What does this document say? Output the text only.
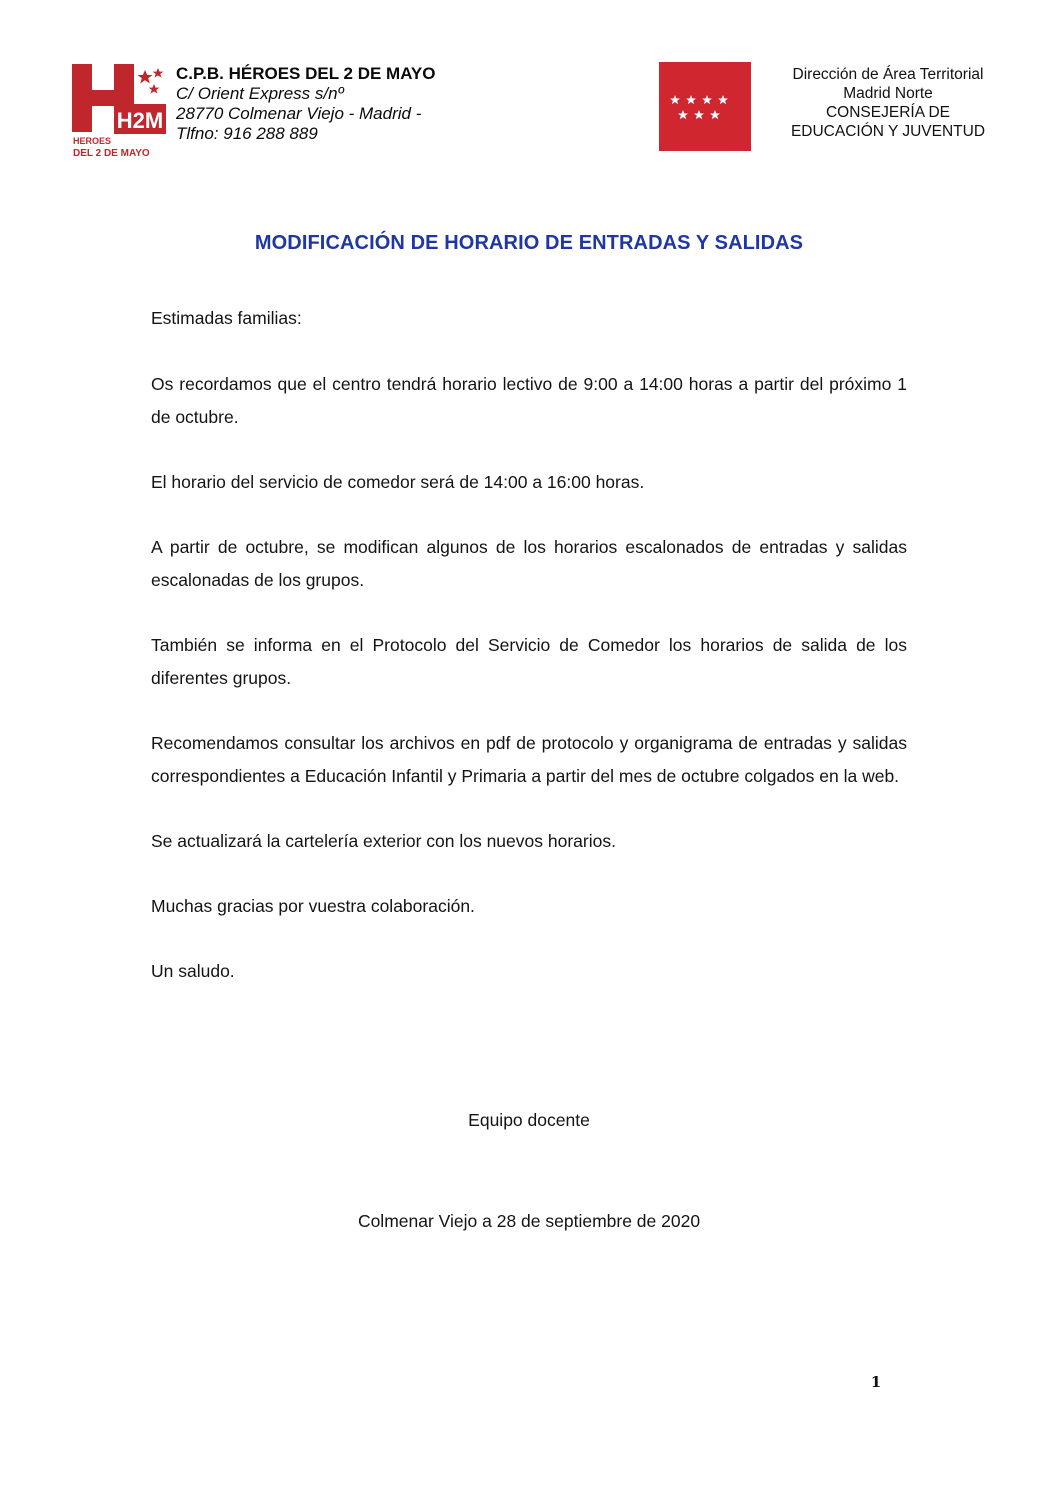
H2M
HEROES
DEL 2 DE MAYO
C.P.B. HÉROES DEL 2 DE MAYO
C/ Orient Express s/nº
28770 Colmenar Viejo - Madrid -
Tlfno: 916 288 889
Dirección de Área Territorial
Madrid Norte
CONSEJERÍA DE
EDUCACIÓN Y JUVENTUD
MODIFICACIÓN DE HORARIO DE ENTRADAS Y SALIDAS

Estimadas familias:

Os recordamos que el centro tendrá horario lectivo de 9:00 a 14:00 horas a partir del próximo 1 de octubre.

El horario del servicio de comedor será de 14:00 a 16:00 horas.

A partir de octubre, se modifican algunos de los horarios escalonados de entradas y salidas escalonadas de los grupos.

También se informa en el Protocolo del Servicio de Comedor los horarios de salida de los diferentes grupos.

Recomendamos consultar los archivos en pdf de protocolo y organigrama de entradas y salidas correspondientes a Educación Infantil y Primaria a partir del mes de octubre colgados en la web.

Se actualizará la cartelería exterior con los nuevos horarios.

Muchas gracias por vuestra colaboración.

Un saludo.

Equipo docente
Colmenar Viejo a 28 de septiembre de 2020
1
